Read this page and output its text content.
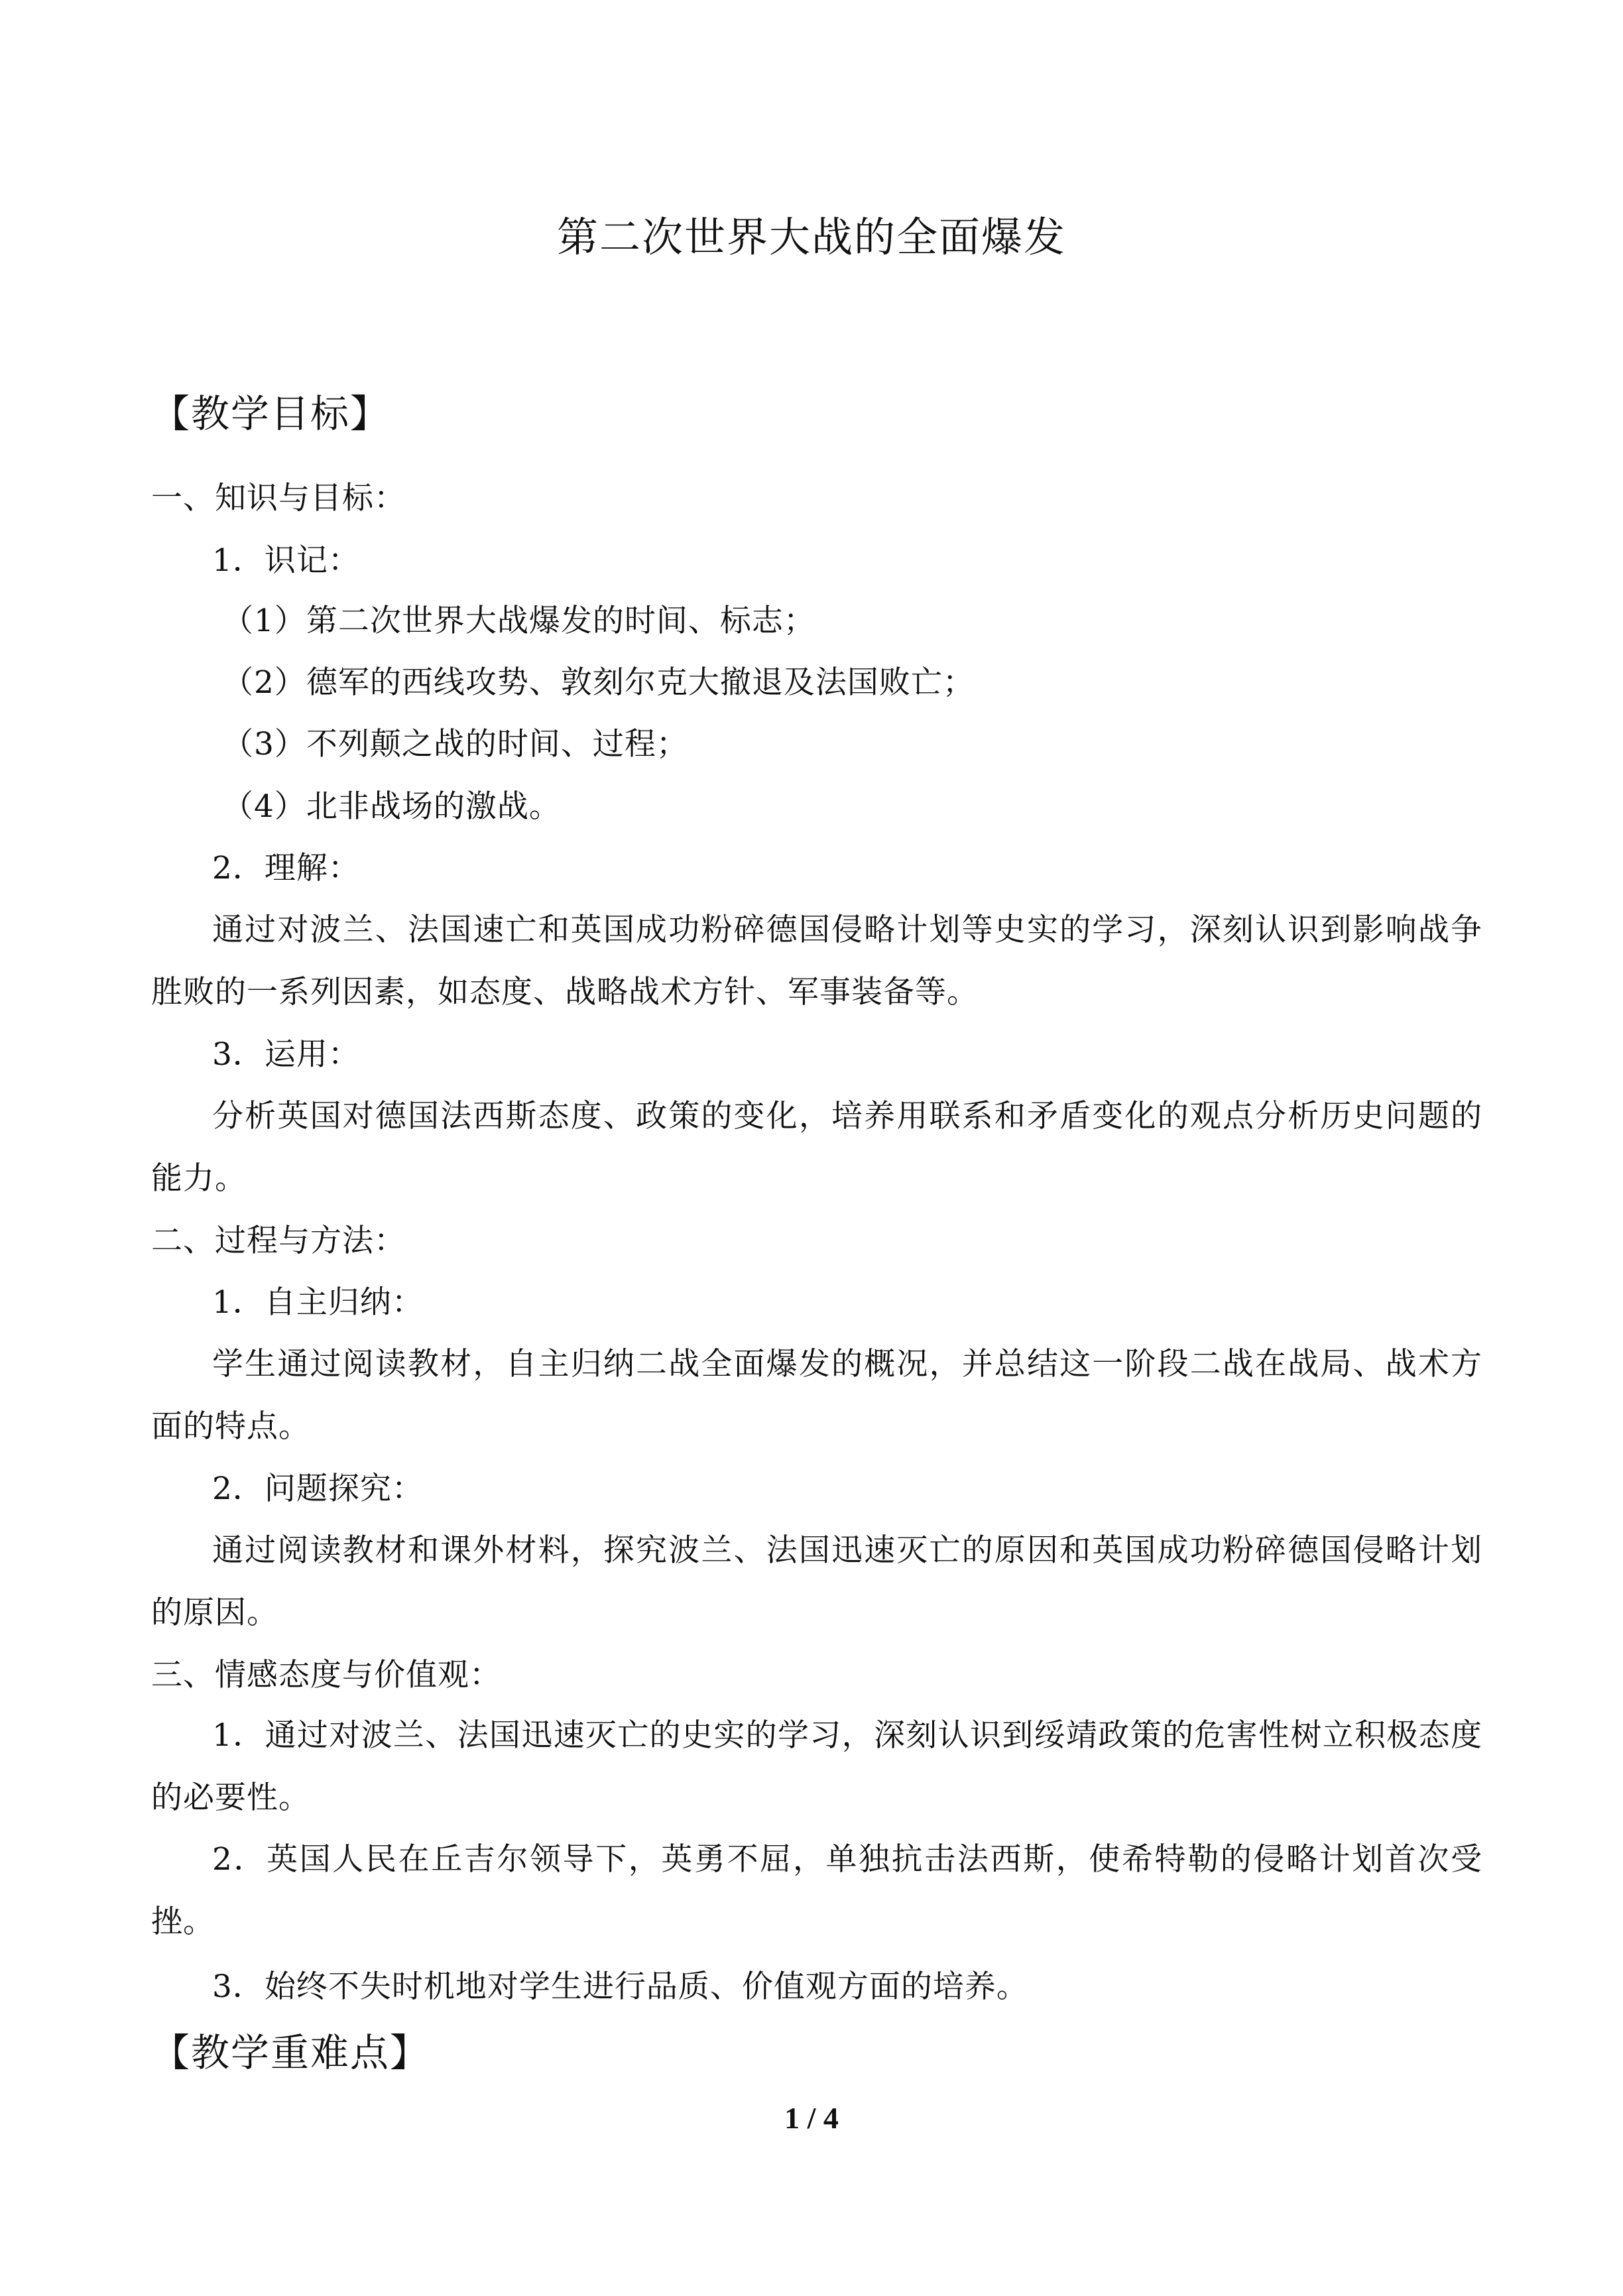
第二次世界大战的全面爆发
【教学目标】
一、知识与目标：
1．识记：
（1）第二次世界大战爆发的时间、标志；
（2）德军的西线攻势、敦刻尔克大撤退及法国败亡；
（3）不列颠之战的时间、过程；
（4）北非战场的激战。
2．理解：
通过对波兰、法国速亡和英国成功粉碎德国侵略计划等史实的学习，深刻认识到影响战争胜败的一系列因素，如态度、战略战术方针、军事装备等。
3．运用：
分析英国对德国法西斯态度、政策的变化，培养用联系和矛盾变化的观点分析历史问题的能力。
二、过程与方法：
1．自主归纳：
学生通过阅读教材，自主归纳二战全面爆发的概况，并总结这一阶段二战在战局、战术方面的特点。
2．问题探究：
通过阅读教材和课外材料，探究波兰、法国迅速灭亡的原因和英国成功粉碎德国侵略计划的原因。
三、情感态度与价值观：
1．通过对波兰、法国迅速灭亡的史实的学习，深刻认识到绥靖政策的危害性树立积极态度的必要性。
2．英国人民在丘吉尔领导下，英勇不屈，单独抗击法西斯，使希特勒的侵略计划首次受挫。
3．始终不失时机地对学生进行品质、价值观方面的培养。
【教学重难点】
1 / 4
